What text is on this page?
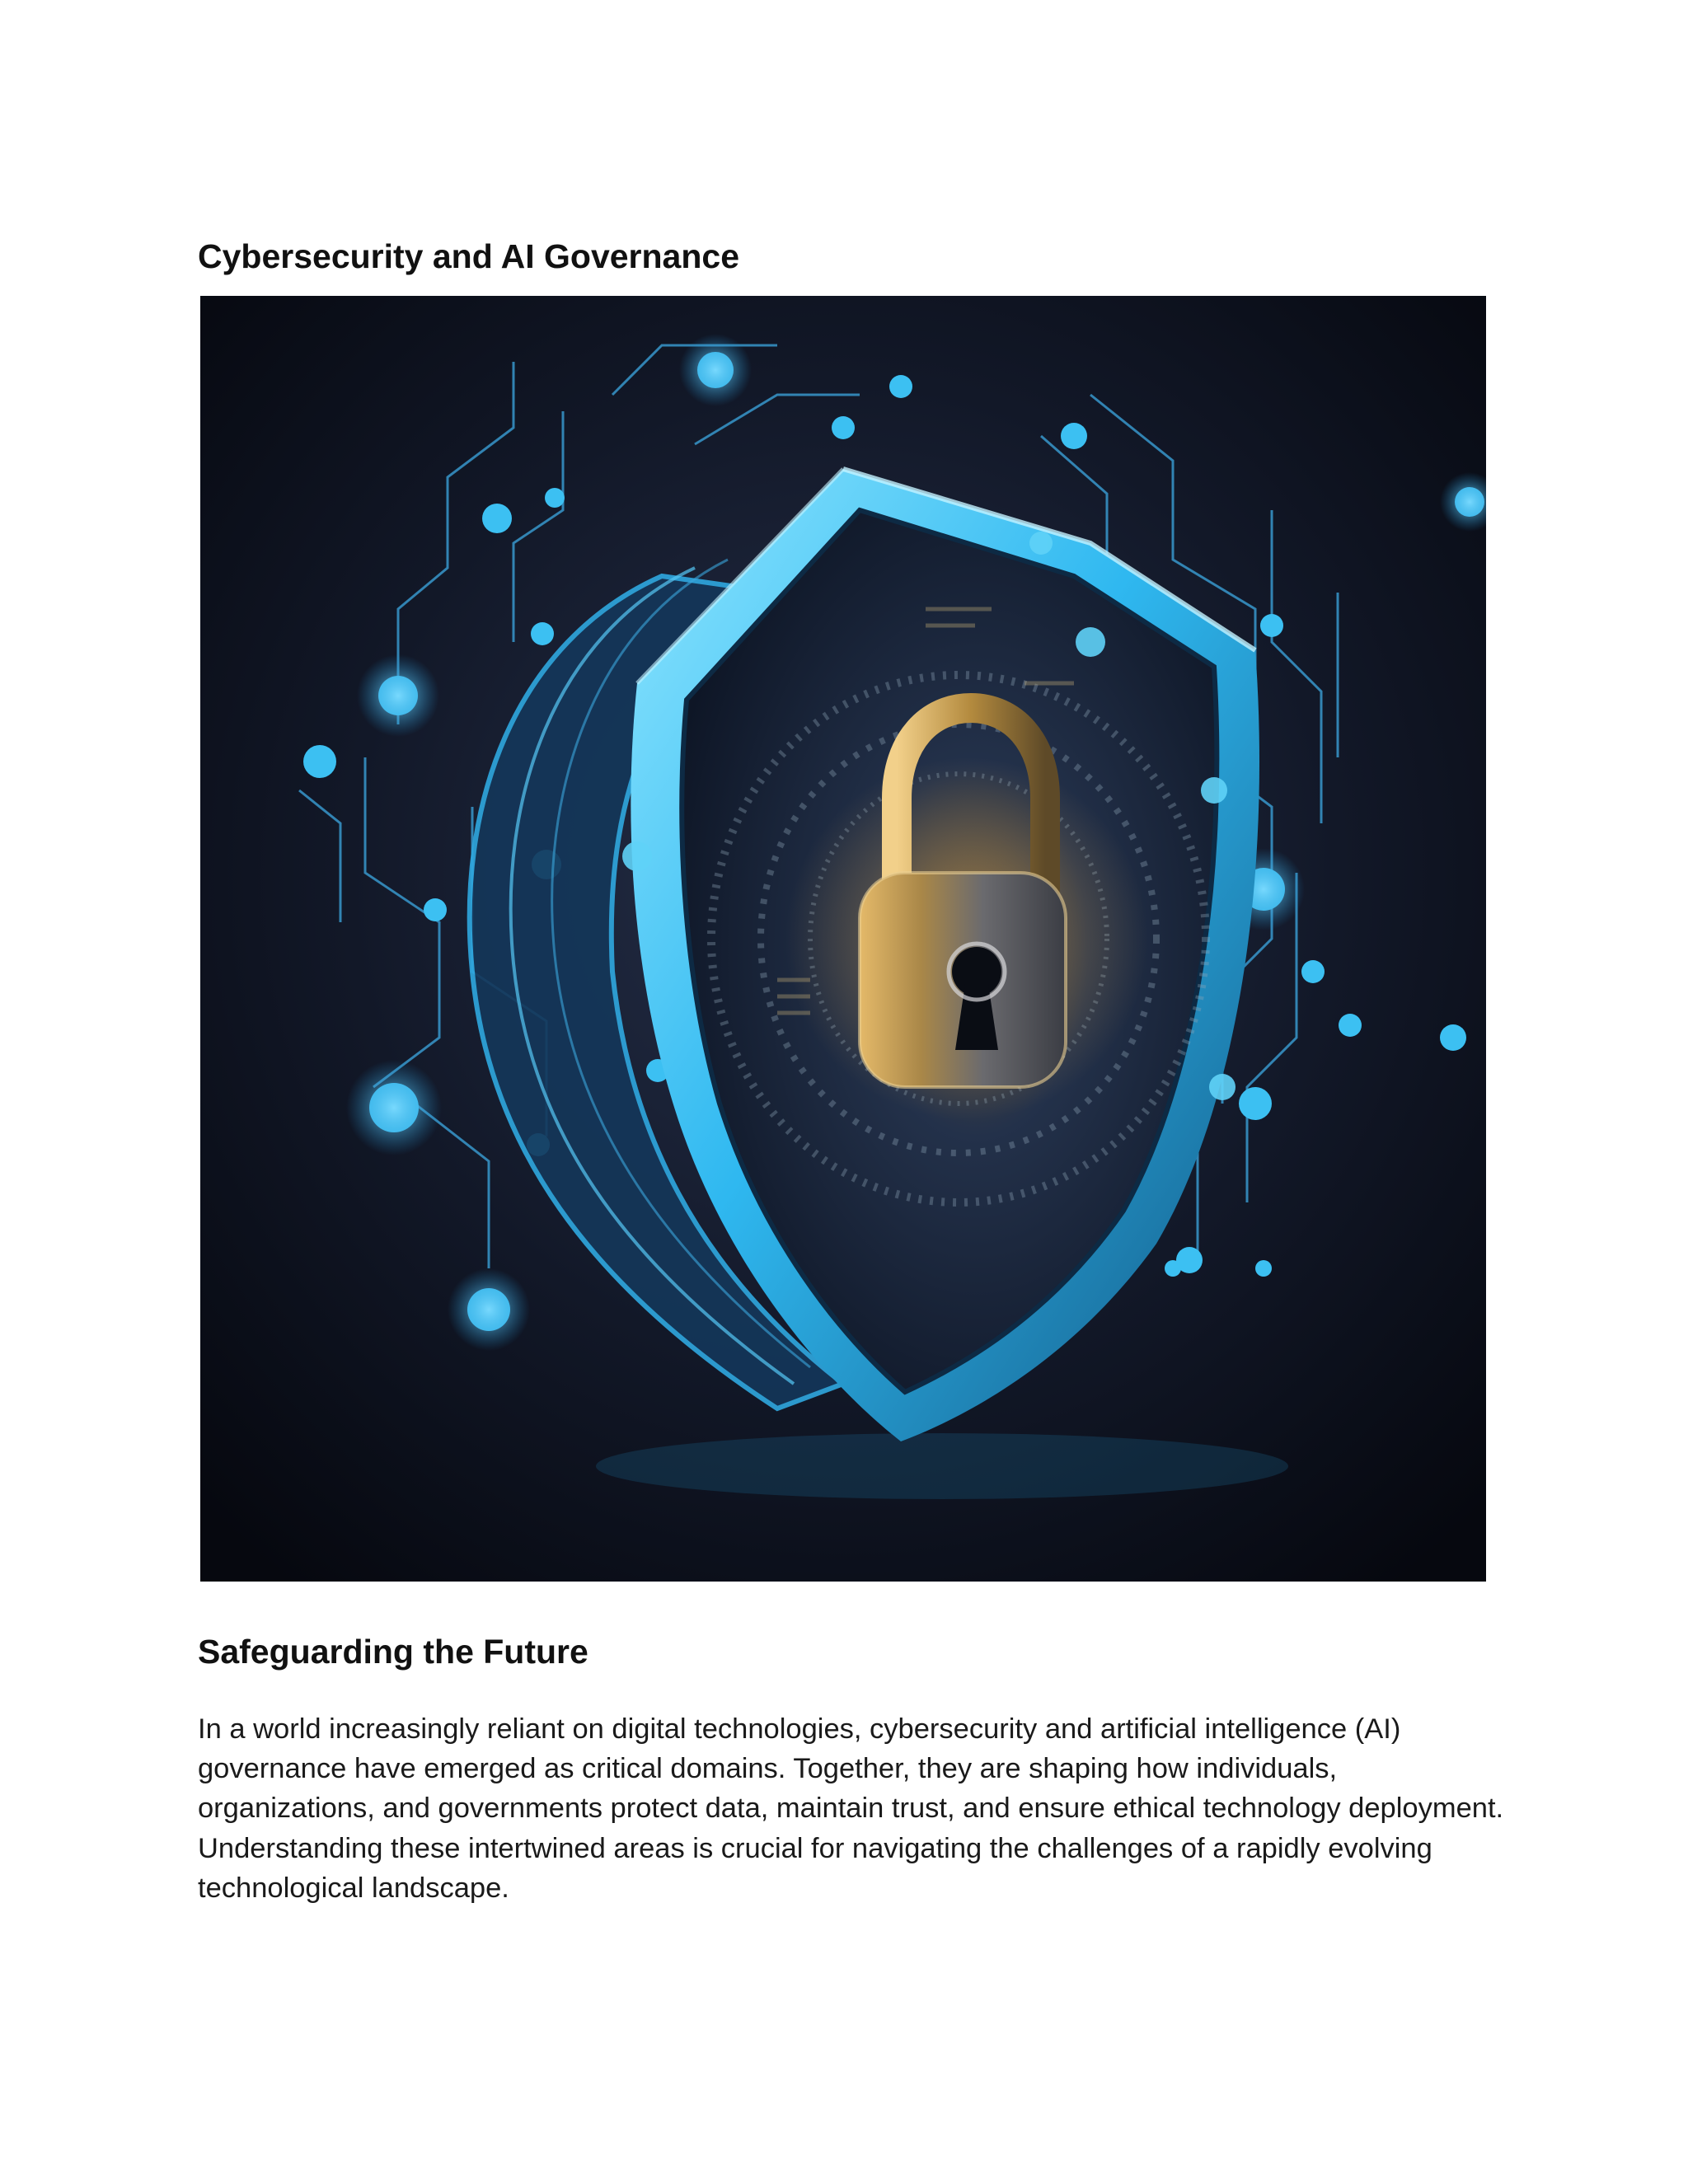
Cybersecurity and AI Governance
Safeguarding the Future

In a world increasingly reliant on digital technologies, cybersecurity and artificial intelligence (AI) governance have emerged as critical domains. Together, they are shaping how individuals, organizations, and governments protect data, maintain trust, and ensure ethical technology deployment. Understanding these intertwined areas is crucial for navigating the challenges of a rapidly evolving technological landscape.
